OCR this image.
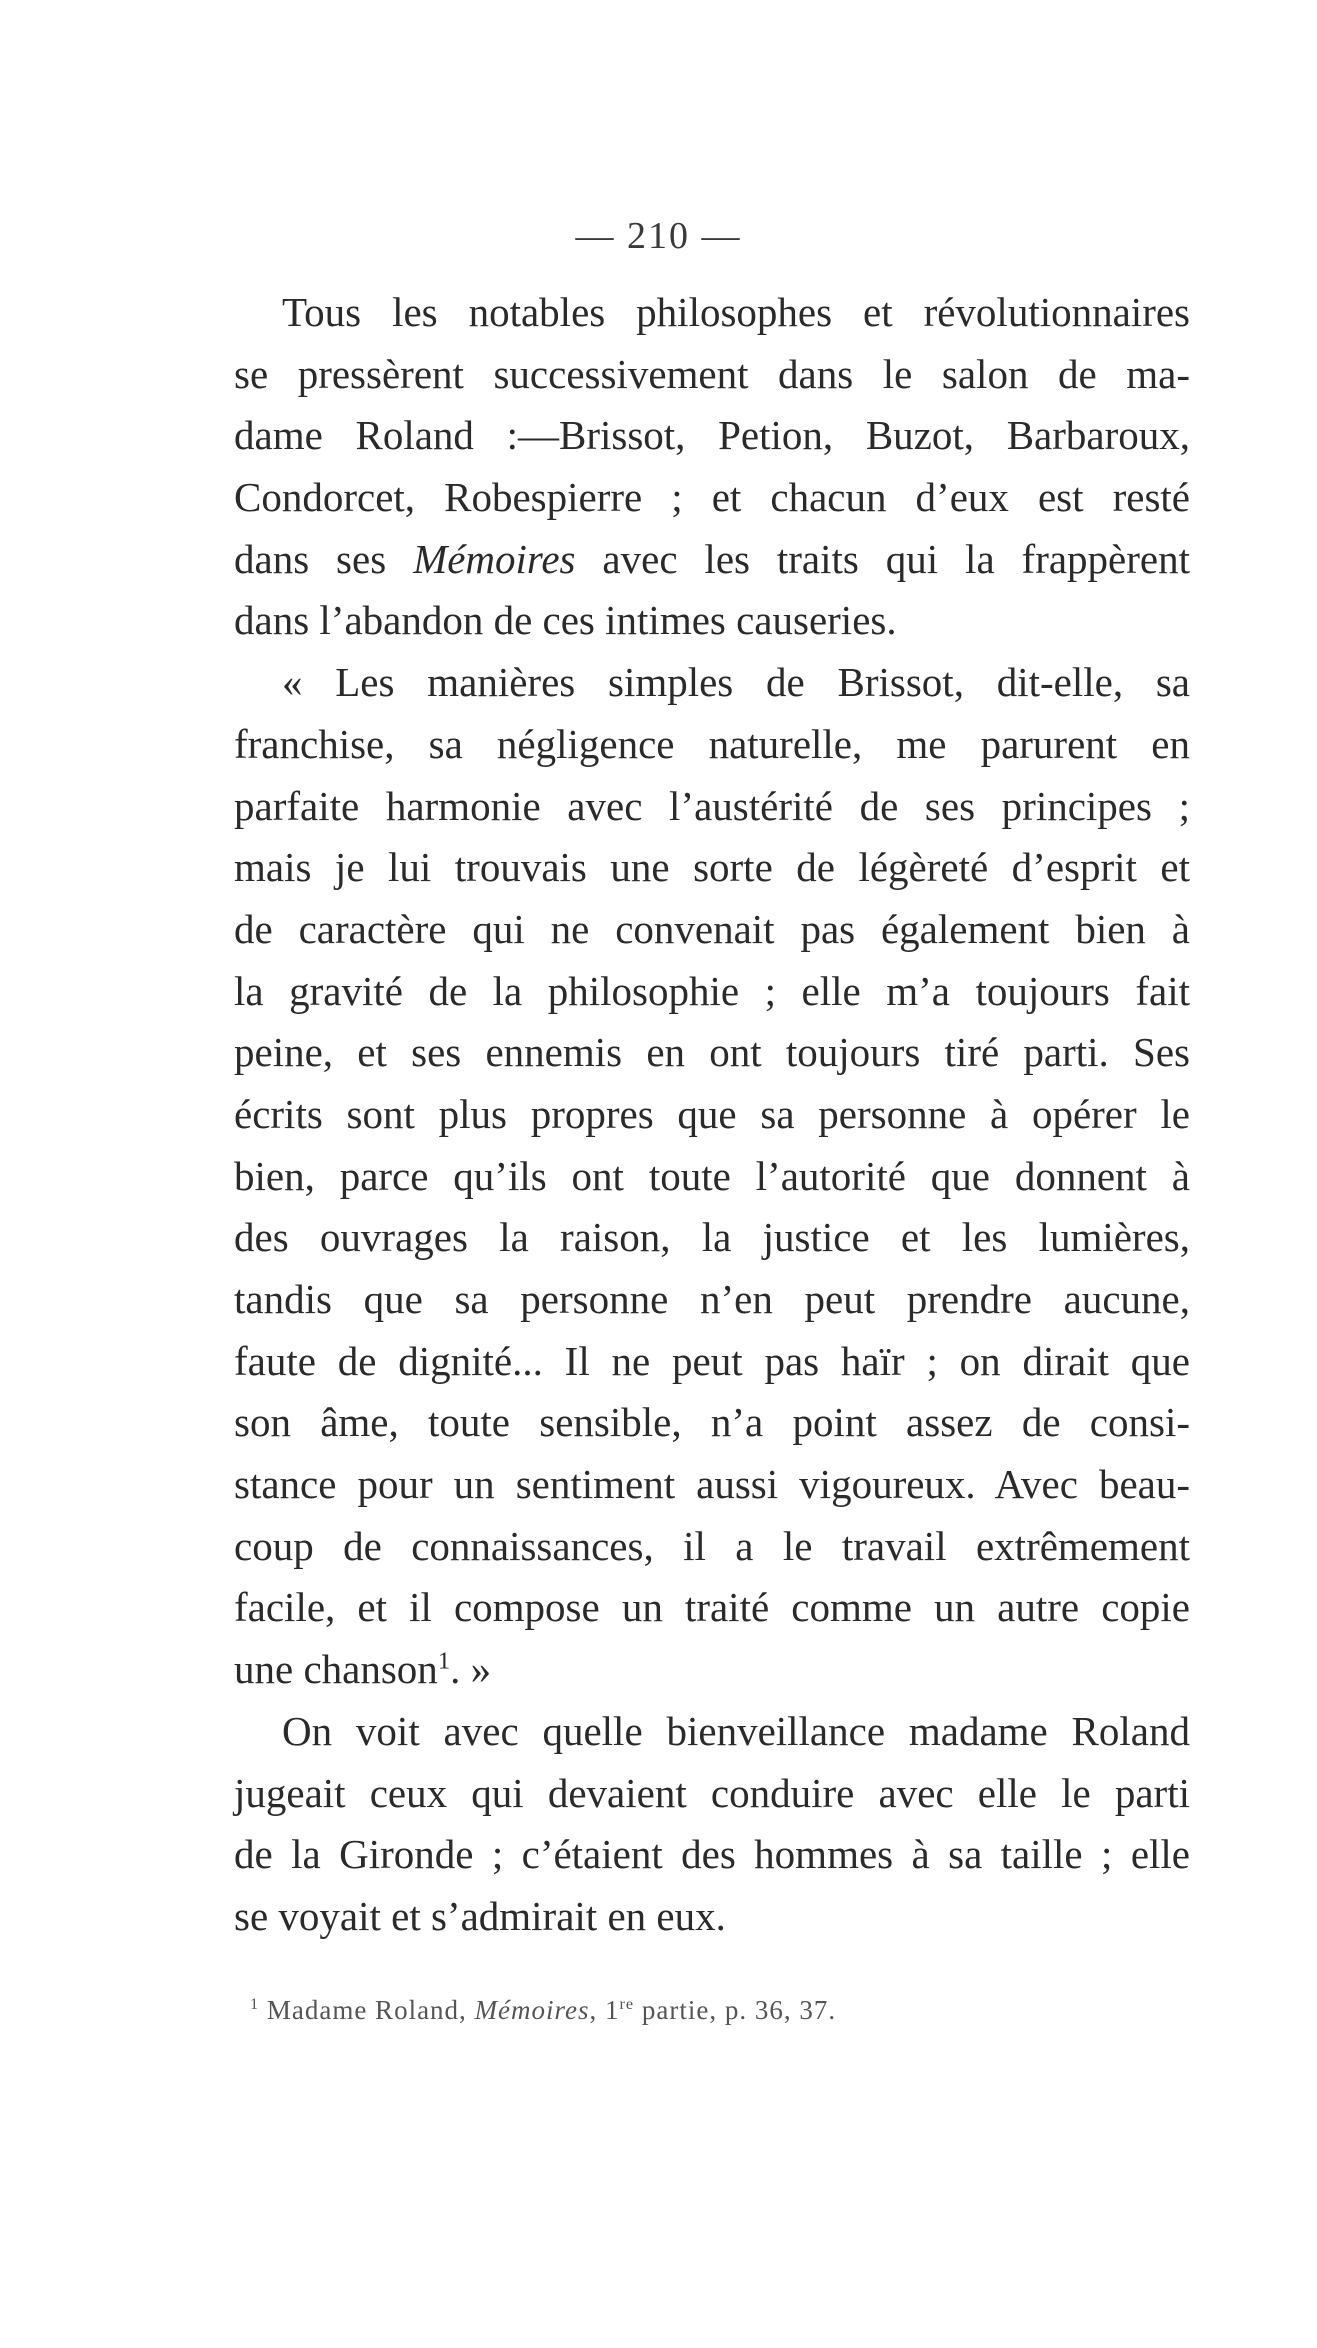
— 210 —
Tous les notables philosophes et révolutionnaires
se pressèrent successivement dans le salon de ma-
dame Roland :—Brissot, Petion, Buzot, Barbaroux,
Condorcet, Robespierre ; et chacun d’eux est resté
dans ses Mémoires avec les traits qui la frappèrent
dans l’abandon de ces intimes causeries.
« Les manières simples de Brissot, dit-elle, sa
franchise, sa négligence naturelle, me parurent en
parfaite harmonie avec l’austérité de ses principes ;
mais je lui trouvais une sorte de légèreté d’esprit et
de caractère qui ne convenait pas également bien à
la gravité de la philosophie ; elle m’a toujours fait
peine, et ses ennemis en ont toujours tiré parti. Ses
écrits sont plus propres que sa personne à opérer le
bien, parce qu’ils ont toute l’autorité que donnent à
des ouvrages la raison, la justice et les lumières,
tandis que sa personne n’en peut prendre aucune,
faute de dignité... Il ne peut pas haïr ; on dirait que
son âme, toute sensible, n’a point assez de consi-
stance pour un sentiment aussi vigoureux. Avec beau-
coup de connaissances, il a le travail extrêmement
facile, et il compose un traité comme un autre copie
une chanson$^1$. »
On voit avec quelle bienveillance madame Roland
jugeait ceux qui devaient conduire avec elle le parti
de la Gironde ; c’étaient des hommes à sa taille ; elle
se voyait et s’admirait en eux.
$^1$ Madame Roland, Mémoires, 1re partie, p. 36, 37.
